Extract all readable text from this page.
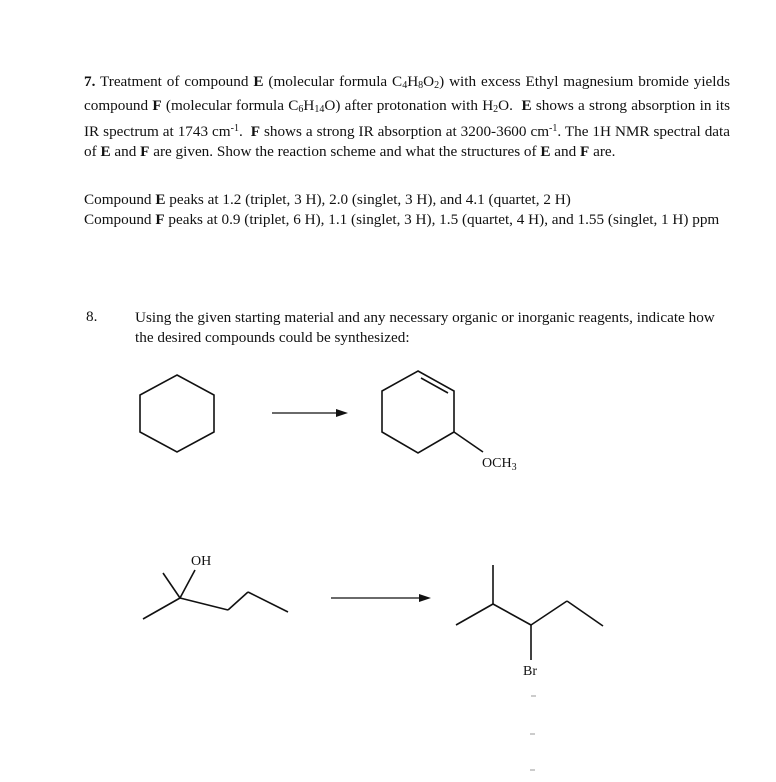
7. Treatment of compound E (molecular formula $C_4H_8O_2$) with excess Ethyl magnesium bromide yields compound F (molecular formula $C_6H_{14}O$) after protonation with $H_2O$. E shows a strong absorption in its IR spectrum at 1743 $cm^{-1}$. F shows a strong IR absorption at 3200-3600 $cm^{-1}$. The 1H NMR spectral data of E and F are given. Show the reaction scheme and what the structures of E and F are.
Compound E peaks at 1.2 (triplet, 3 H), 2.0 (singlet, 3 H), and 4.1 (quartet, 2 H)
Compound F peaks at 0.9 (triplet, 6 H), 1.1 (singlet, 3 H), 1.5 (quartet, 4 H), and 1.55 (singlet, 1 H) ppm
8. Using the given starting material and any necessary organic or inorganic reagents, indicate how the desired compounds could be synthesized:
$OCH_3$
OH
Br
